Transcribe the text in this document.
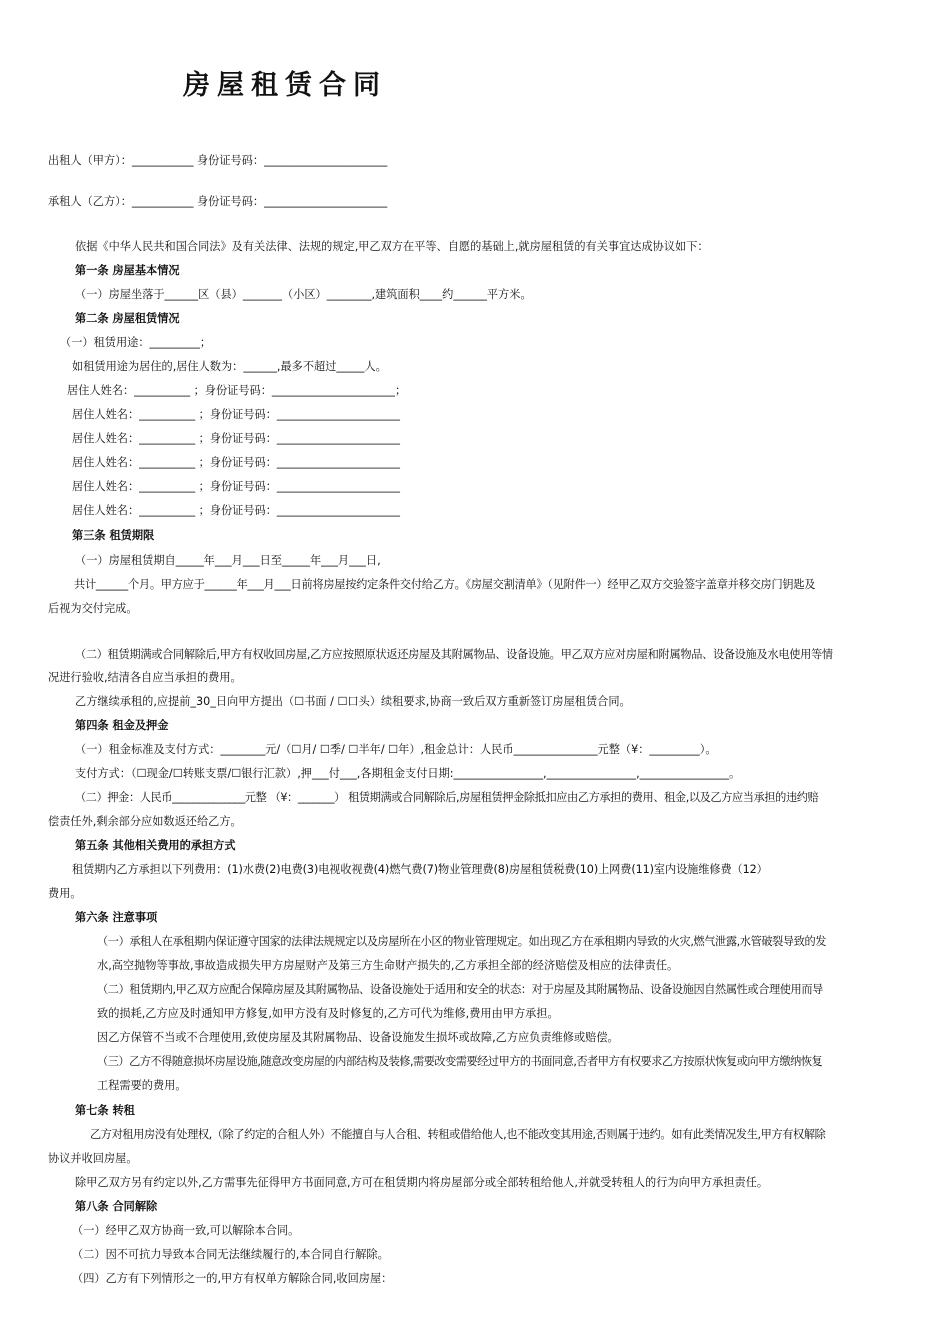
房屋租赁合同
出租人（甲方）：___________ 身份证号码：______________________
承租人（乙方）：___________ 身份证号码：______________________
依据《中华人民共和国合同法》及有关法律、法规的规定,甲乙双方在平等、自愿的基础上,就房屋租赁的有关事宜达成协议如下：
第一条 房屋基本情况
（一）房屋坐落于______区（县）_______（小区）________,建筑面积____约______平方米。
第二条 房屋租赁情况
（一）租赁用途：_________；
如租赁用途为居住的,居住人数为：______,最多不超过_____人。
居住人姓名：__________ ；身份证号码：______________________；
居住人姓名：__________ ；身份证号码：______________________
居住人姓名：__________ ；身份证号码：______________________
居住人姓名：__________ ；身份证号码：______________________
居住人姓名：__________ ；身份证号码：______________________
居住人姓名：__________ ；身份证号码：______________________
第三条 租赁期限
（一）房屋租赁期自_____年___月___日至_____年___月___日,
共计______个月。甲方应于______年___月___日前将房屋按约定条件交付给乙方。《房屋交割清单》（见附件一）经甲乙双方交验签字盖章并移交房门钥匙及
后视为交付完成。
（二）租赁期满或合同解除后,甲方有权收回房屋,乙方应按照原状返还房屋及其附属物品、设备设施。甲乙双方应对房屋和附属物品、设备设施及水电使用等情
况进行验收,结清各自应当承担的费用。
乙方继续承租的,应提前_30_日向甲方提出（☐书面 / ☐口头）续租要求,协商一致后双方重新签订房屋租赁合同。
第四条 租金及押金
（一）租金标准及支付方式：________元/（☐月/ ☐季/ ☐半年/ ☐年）,租金总计：人民币_______________元整（¥：_________）。
支付方式：（☐现金/☐转账支票/☐银行汇款）,押___付___,各期租金支付日期:________________,________________,________________。
（二）押金：人民币______________元整 （¥：_______） 租赁期满或合同解除后,房屋租赁押金除抵扣应由乙方承担的费用、租金,以及乙方应当承担的违约赔
偿责任外,剩余部分应如数返还给乙方。
第五条 其他相关费用的承担方式
租赁期内乙方承担以下列费用：(1)水费(2)电费(3)电视收视费(4)燃气费(7)物业管理费(8)房屋租赁税费(10)上网费(11)室内设施维修费（12）
费用。
第六条 注意事项
（一）承租人在承租期内保证遵守国家的法律法规规定以及房屋所在小区的物业管理规定。如出现乙方在承租期内导致的火灾,燃气泄露,水管破裂导致的发
水,高空抛物等事故,事故造成损失甲方房屋财产及第三方生命财产损失的,乙方承担全部的经济赔偿及相应的法律责任。
（二）租赁期内,甲乙双方应配合保障房屋及其附属物品、设备设施处于适用和安全的状态：对于房屋及其附属物品、设备设施因自然属性或合理使用而导
致的损耗,乙方应及时通知甲方修复,如甲方没有及时修复的,乙方可代为维修,费用由甲方承担。
因乙方保管不当或不合理使用,致使房屋及其附属物品、设备设施发生损坏或故障,乙方应负责维修或赔偿。
（三）乙方不得随意损坏房屋设施,随意改变房屋的内部结构及装修,需要改变需要经过甲方的书面同意,否者甲方有权要求乙方按原状恢复或向甲方缴纳恢复
工程需要的费用。
第七条 转租
乙方对租用房没有处理权,（除了约定的合租人外）不能擅自与人合租、转租或借给他人,也不能改变其用途,否则属于违约。如有此类情况发生,甲方有权解除
协议并收回房屋。
除甲乙双方另有约定以外,乙方需事先征得甲方书面同意,方可在租赁期内将房屋部分或全部转租给他人,并就受转租人的行为向甲方承担责任。
第八条 合同解除
（一）经甲乙双方协商一致,可以解除本合同。
（二）因不可抗力导致本合同无法继续履行的,本合同自行解除。
（四）乙方有下列情形之一的,甲方有权单方解除合同,收回房屋：
